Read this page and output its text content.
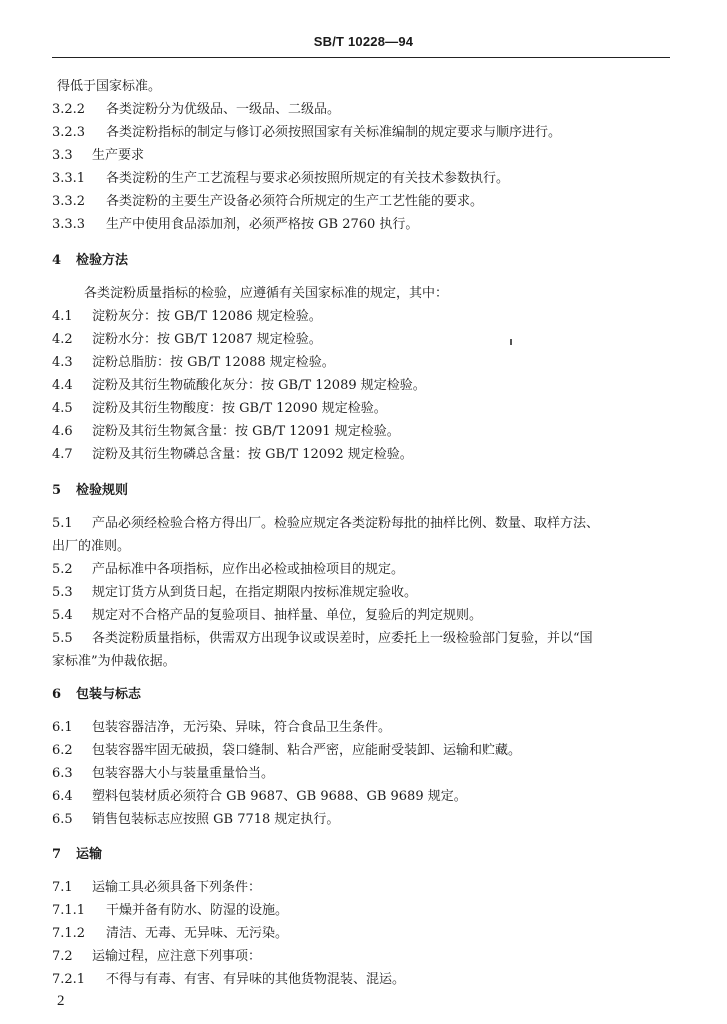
SB/T 10228—94
得低于国家标准。
3.2.2 各类淀粉分为优级品、一级品、二级品。
3.2.3 各类淀粉指标的制定与修订必须按照国家有关标准编制的规定要求与顺序进行。
3.3 生产要求
3.3.1 各类淀粉的生产工艺流程与要求必须按照所规定的有关技术参数执行。
3.3.2 各类淀粉的主要生产设备必须符合所规定的生产工艺性能的要求。
3.3.3 生产中使用食品添加剂，必须严格按 GB 2760 执行。
4 检验方法
各类淀粉质量指标的检验，应遵循有关国家标准的规定，其中：
4.1 淀粉灰分：按 GB/T 12086 规定检验。
4.2 淀粉水分：按 GB/T 12087 规定检验。
4.3 淀粉总脂肪：按 GB/T 12088 规定检验。
4.4 淀粉及其衍生物硫酸化灰分：按 GB/T 12089 规定检验。
4.5 淀粉及其衍生物酸度：按 GB/T 12090 规定检验。
4.6 淀粉及其衍生物氮含量：按 GB/T 12091 规定检验。
4.7 淀粉及其衍生物磷总含量：按 GB/T 12092 规定检验。
5 检验规则
5.1 产品必须经检验合格方得出厂。检验应规定各类淀粉每批的抽样比例、数量、取样方法、
出厂的准则。
5.2 产品标准中各项指标，应作出必检或抽检项目的规定。
5.3 规定订货方从到货日起，在指定期限内按标准规定验收。
5.4 规定对不合格产品的复验项目、抽样量、单位，复验后的判定规则。
5.5 各类淀粉质量指标，供需双方出现争议或误差时，应委托上一级检验部门复验，并以“国
家标准”为仲裁依据。
6 包装与标志
6.1 包装容器洁净，无污染、异味，符合食品卫生条件。
6.2 包装容器牢固无破损，袋口缝制、粘合严密，应能耐受装卸、运输和贮藏。
6.3 包装容器大小与装量重量恰当。
6.4 塑料包装材质必须符合 GB 9687、GB 9688、GB 9689 规定。
6.5 销售包装标志应按照 GB 7718 规定执行。
7 运输
7.1 运输工具必须具备下列条件：
7.1.1 干燥并备有防水、防湿的设施。
7.1.2 清洁、无毒、无异味、无污染。
7.2 运输过程，应注意下列事项：
7.2.1 不得与有毒、有害、有异味的其他货物混装、混运。
2
